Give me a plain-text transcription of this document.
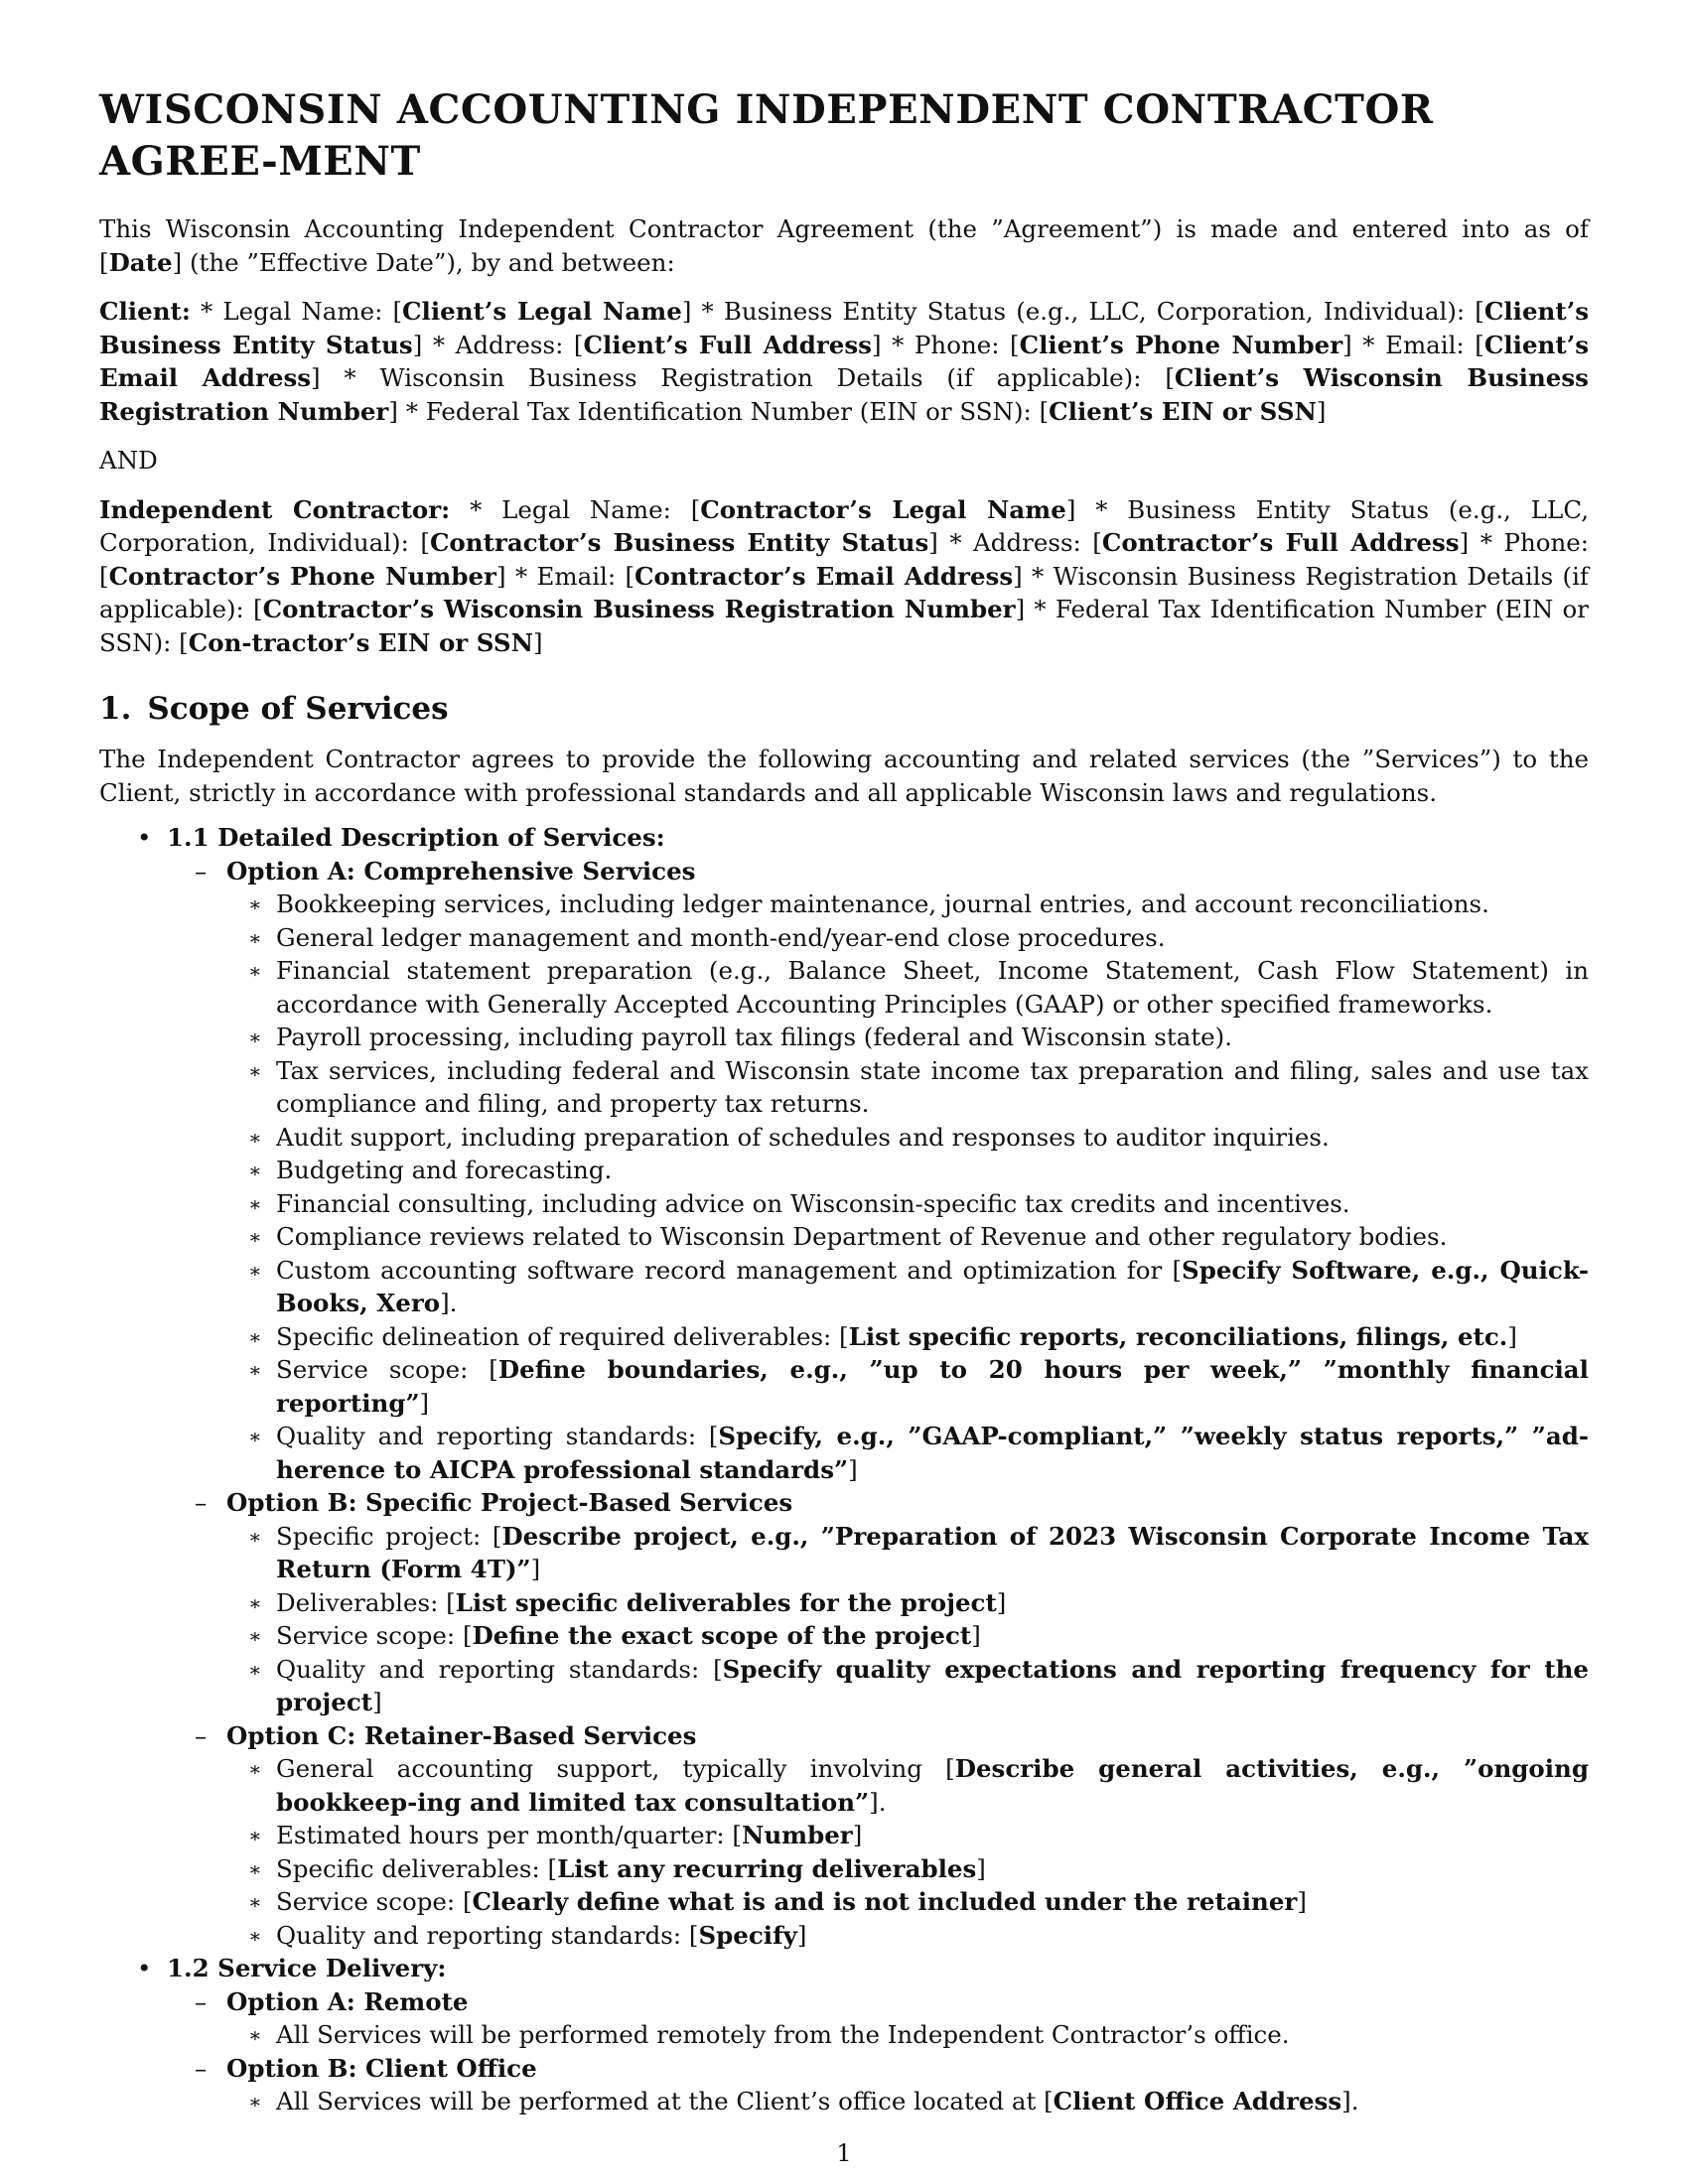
WISCONSIN ACCOUNTING INDEPENDENT CONTRACTOR AGREE-MENT

This Wisconsin Accounting Independent Contractor Agreement (the ”Agreement”) is made and entered into as of [Date] (the ”Effective Date”), by and between:

Client: * Legal Name: [Client’s Legal Name] * Business Entity Status (e.g., LLC, Corporation, Individual): [Client’s Business Entity Status] * Address: [Client’s Full Address] * Phone: [Client’s Phone Number] * Email: [Client’s Email Address] * Wisconsin Business Registration Details (if applicable): [Client’s Wisconsin Business Registration Number] * Federal Tax Identification Number (EIN or SSN): [Client’s EIN or SSN]

AND

Independent Contractor: * Legal Name: [Contractor’s Legal Name] * Business Entity Status (e.g., LLC, Corporation, Individual): [Contractor’s Business Entity Status] * Address: [Contractor’s Full Address] * Phone: [Contractor’s Phone Number] * Email: [Contractor’s Email Address] * Wisconsin Business Registration Details (if applicable): [Contractor’s Wisconsin Business Registration Number] * Federal Tax Identification Number (EIN or SSN): [Con-tractor’s EIN or SSN]

1. Scope of Services

The Independent Contractor agrees to provide the following accounting and related services (the ”Services”) to the Client, strictly in accordance with professional standards and all applicable Wisconsin laws and regulations.

• 1.1 Detailed Description of Services:
– Option A: Comprehensive Services
∗ Bookkeeping services, including ledger maintenance, journal entries, and account reconciliations.
∗ General ledger management and month-end/year-end close procedures.
∗ Financial statement preparation (e.g., Balance Sheet, Income Statement, Cash Flow Statement) in accordance with Generally Accepted Accounting Principles (GAAP) or other specified frameworks.
∗ Payroll processing, including payroll tax filings (federal and Wisconsin state).
∗ Tax services, including federal and Wisconsin state income tax preparation and filing, sales and use tax compliance and filing, and property tax returns.
∗ Audit support, including preparation of schedules and responses to auditor inquiries.
∗ Budgeting and forecasting.
∗ Financial consulting, including advice on Wisconsin-specific tax credits and incentives.
∗ Compliance reviews related to Wisconsin Department of Revenue and other regulatory bodies.
∗ Custom accounting software record management and optimization for [Specify Software, e.g., Quick-Books, Xero].
∗ Specific delineation of required deliverables: [List specific reports, reconciliations, filings, etc.]
∗ Service scope: [Define boundaries, e.g., ”up to 20 hours per week,” ”monthly financial reporting”]
∗ Quality and reporting standards: [Specify, e.g., ”GAAP-compliant,” ”weekly status reports,” ”ad-herence to AICPA professional standards”]
– Option B: Specific Project-Based Services
∗ Specific project: [Describe project, e.g., ”Preparation of 2023 Wisconsin Corporate Income Tax Return (Form 4T)”]
∗ Deliverables: [List specific deliverables for the project]
∗ Service scope: [Define the exact scope of the project]
∗ Quality and reporting standards: [Specify quality expectations and reporting frequency for the project]
– Option C: Retainer-Based Services
∗ General accounting support, typically involving [Describe general activities, e.g., ”ongoing bookkeep-ing and limited tax consultation”].
∗ Estimated hours per month/quarter: [Number]
∗ Specific deliverables: [List any recurring deliverables]
∗ Service scope: [Clearly define what is and is not included under the retainer]
∗ Quality and reporting standards: [Specify]
• 1.2 Service Delivery:
– Option A: Remote
∗ All Services will be performed remotely from the Independent Contractor’s office.
– Option B: Client Office
∗ All Services will be performed at the Client’s office located at [Client Office Address].
1
